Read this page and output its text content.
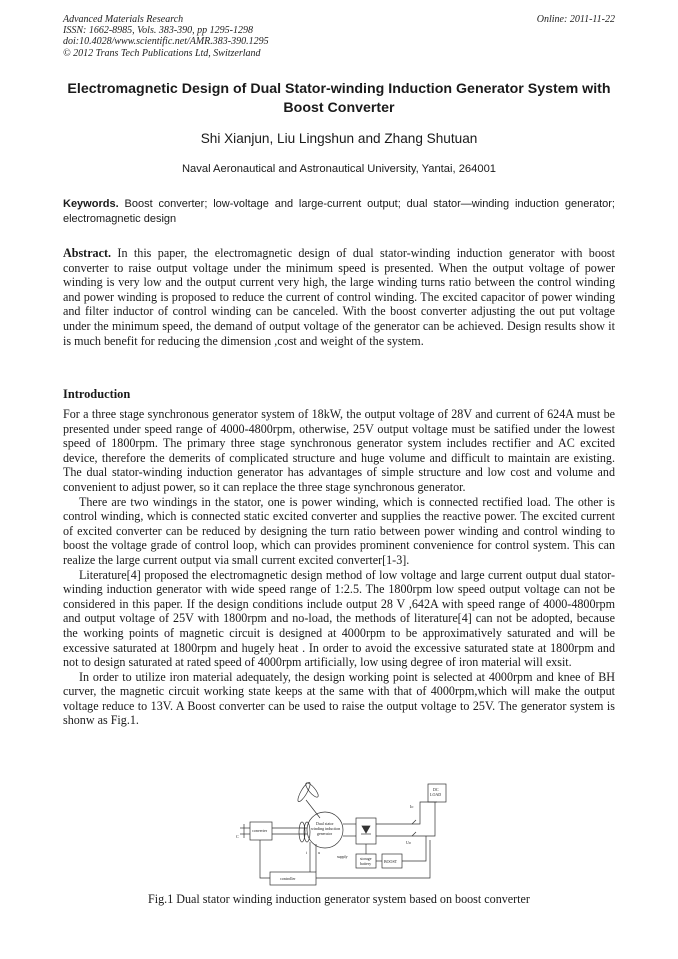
Advanced Materials Research
ISSN: 1662-8985, Vols. 383-390, pp 1295-1298
doi:10.4028/www.scientific.net/AMR.383-390.1295
© 2012 Trans Tech Publications Ltd, Switzerland
Online: 2011-11-22
Electromagnetic Design of Dual Stator-winding Induction Generator System with Boost Converter
Shi Xianjun, Liu Lingshun and Zhang Shutuan
Naval Aeronautical and Astronautical University, Yantai, 264001
Keywords. Boost converter; low-voltage and large-current output; dual stator—winding induction generator; electromagnetic design
Abstract. In this paper, the electromagnetic design of dual stator-winding induction generator with boost converter to raise output voltage under the minimum speed is presented. When the output voltage of power winding is very low and the output current very high, the large winding turns ratio between the control winding and power winding is proposed to reduce the current of control winding. The excited capacitor of power winding and filter inductor of control winding can be canceled. With the boost converter adjusting the out put voltage under the minimum speed, the demand of output voltage of the generator can be achieved. Design results show it is much benefit for reducing the dimension ,cost and weight of the system.
Introduction

For a three stage synchronous generator system of 18kW, the output voltage of 28V and current of 624A must be presented under speed range of 4000-4800rpm, otherwise, 25V output voltage must be satified under the lowest speed of 1800rpm. The primary three stage synchronous generator system includes rectifier and AC excited device, therefore the demerits of complicated structure and huge volume and difficult to maintain are existing. The dual stator-winding induction generator has advantages of simple structure and low cost and volume and convenient to adjust power, so it can replace the three stage synchronous generator.

There are two windings in the stator, one is power winding, which is connected rectified load. The other is control winding, which is connected static excited converter and supplies the reactive power. The excited current of excited converter can be reduced by designing the turn ratio between power winding and control winding to boost the voltage grade of control loop, which can provides prominent convenience for control system. This can realize the large current output via small current excited converter[1-3].

Literature[4] proposed the electromagnetic design method of low voltage and large current output dual stator-winding induction generator with wide speed range of 1:2.5. The 1800rpm low speed output voltage can not be considered in this paper. If the design conditions include output 28 V ,642A with speed range of 4000-4800rpm and output voltage of 25V with 1800rpm and no-load, the methods of literature[4] can not be adopted, because the working points of magnetic circuit is designed at 4000rpm to be approximatively saturated and will be excessive saturated at 1800rpm and hugely heat . In order to avoid the excessive saturated state at 1800rpm and not to design saturated at rated speed of 4000rpm artificially, low using degree of iron material will exsit.

In order to utilize iron material adequately, the design working point is selected at 4000rpm and knee of BH curver, the magnetic circuit working state keeps at the same with that of 4000rpm,which will make the output voltage reduce to 13V. A Boost converter can be used to raise the output voltage to 25V. The generator system is shonw as Fig.1.

DC
LOAD
converter
Dual stator
winding induction
generator
supply	storage
battery	BOOST
controller
C
Io
Uo
i	u
Fig.1 Dual stator winding induction generator system based on boost converter
